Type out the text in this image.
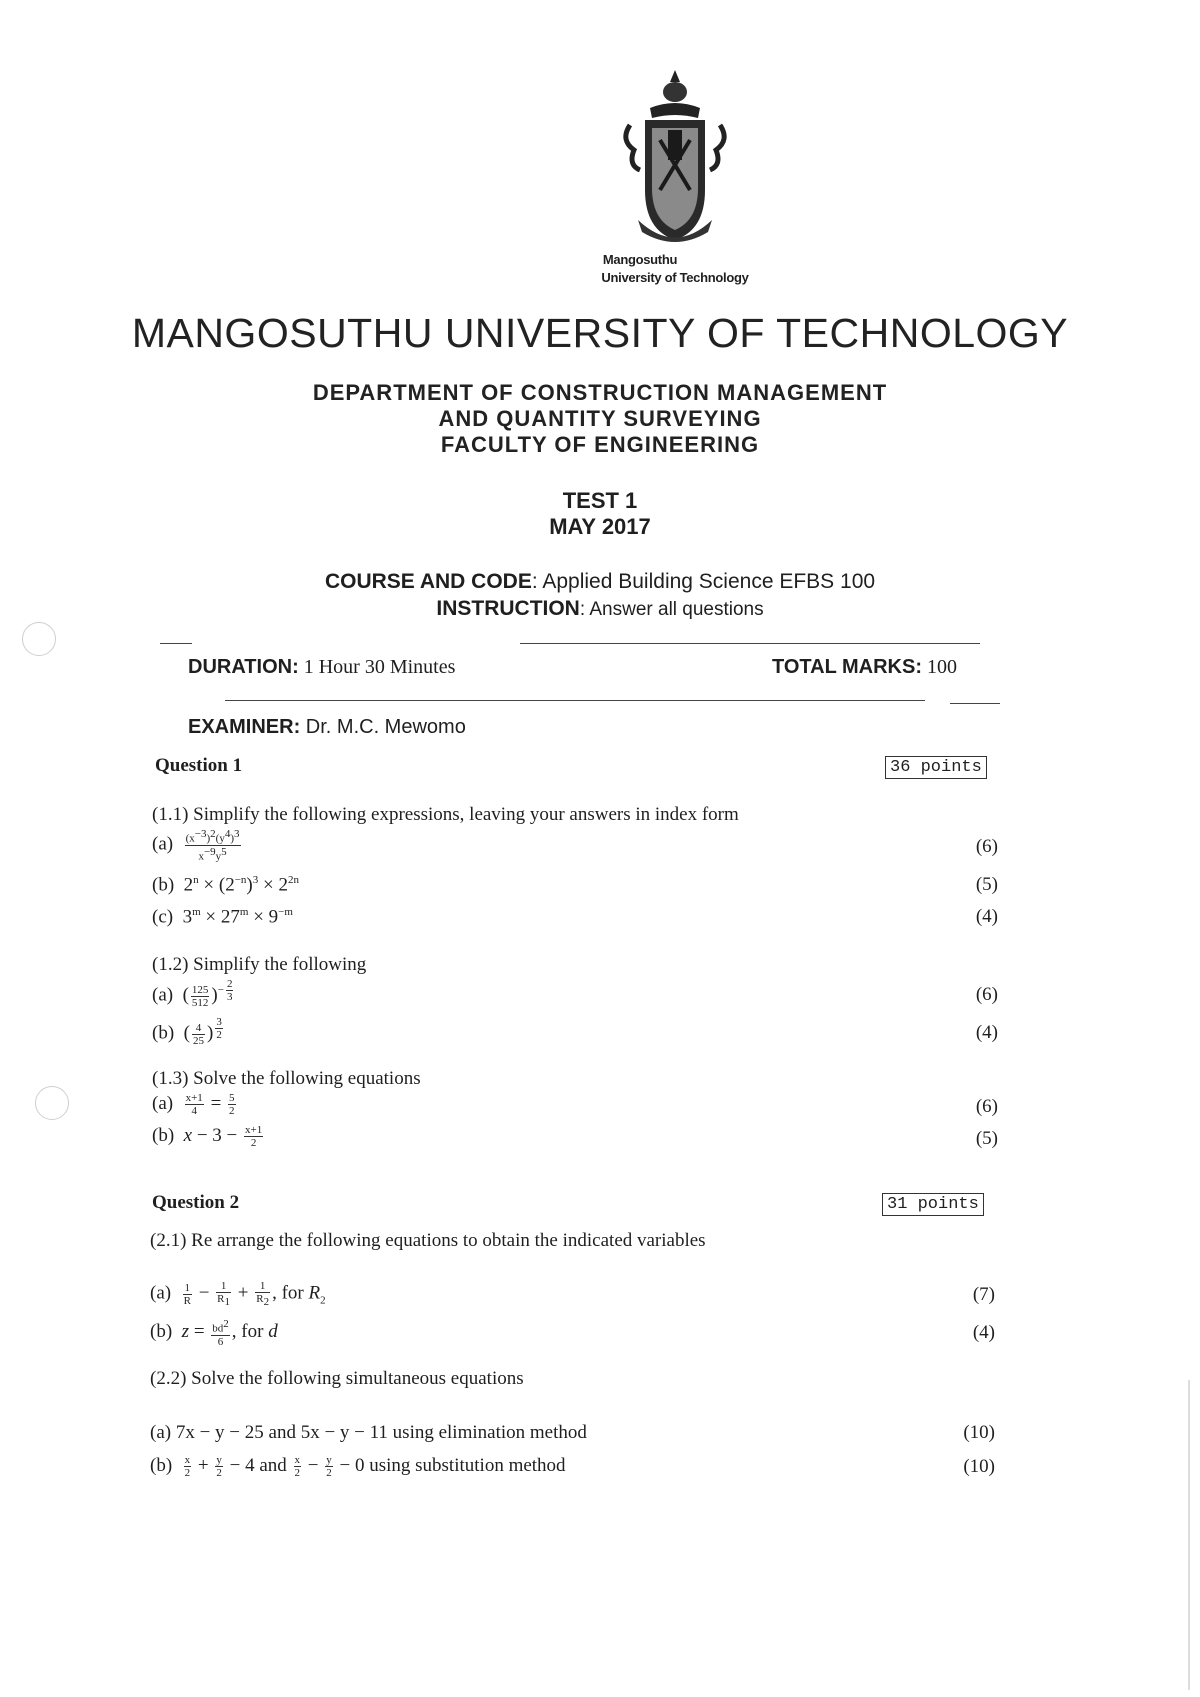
Mangosuthu
University of Technology
MANGOSUTHU UNIVERSITY OF TECHNOLOGY
DEPARTMENT OF CONSTRUCTION MANAGEMENT
AND QUANTITY SURVEYING
FACULTY OF ENGINEERING
TEST 1
MAY 2017
COURSE AND CODE: Applied Building Science EFBS 100
INSTRUCTION: Answer all questions
DURATION: 1 Hour 30 Minutes	TOTAL MARKS: 100
EXAMINER: Dr. M.C. Mewomo
Question 1	36 points
(1.1) Simplify the following expressions, leaving your answers in index form
$(a) \frac{(x^{-3})^2(y^4)^3}{x^{-9}y^5}$	(6)
(b)  $2^n \times (2^{-n})^3 \times 2^{2n}$	(5)
(c)  $3^m \times 27^m \times 9^{-m}$	(4)
(1.2) Simplify the following
(a)  ( $\frac{125}{512} )^{- \frac{2}{3}}$	(6)
(b)  ( $\frac{4}{25}$ ) $^{\frac{3}{2}}$	(4)
(1.3) Solve the following equations
$(a) \frac{x+1}{4} = \frac{5}{2}$	(6)
(b)  $x - 3 - \frac{x+1}{2}$	(5)
Question 2	31 points
(2.1) Re arrange the following equations to obtain the indicated variables
$(a) \frac{1}{R} - \frac{1}{R_1} + \frac{1}{R_2}$ , for $R_2$	(7)
(b)  $z = \frac{bd^2}{6}$ , for d	(4)
(2.2) Solve the following simultaneous equations
(a) 7x − y − 25 and 5x − y − 11 using elimination method	(10)
$(b) \frac{x}{2} + \frac{y}{2} - 4$ and $\frac{x}{2} - \frac{y}{2} - 0$ using substitution method	(10)
